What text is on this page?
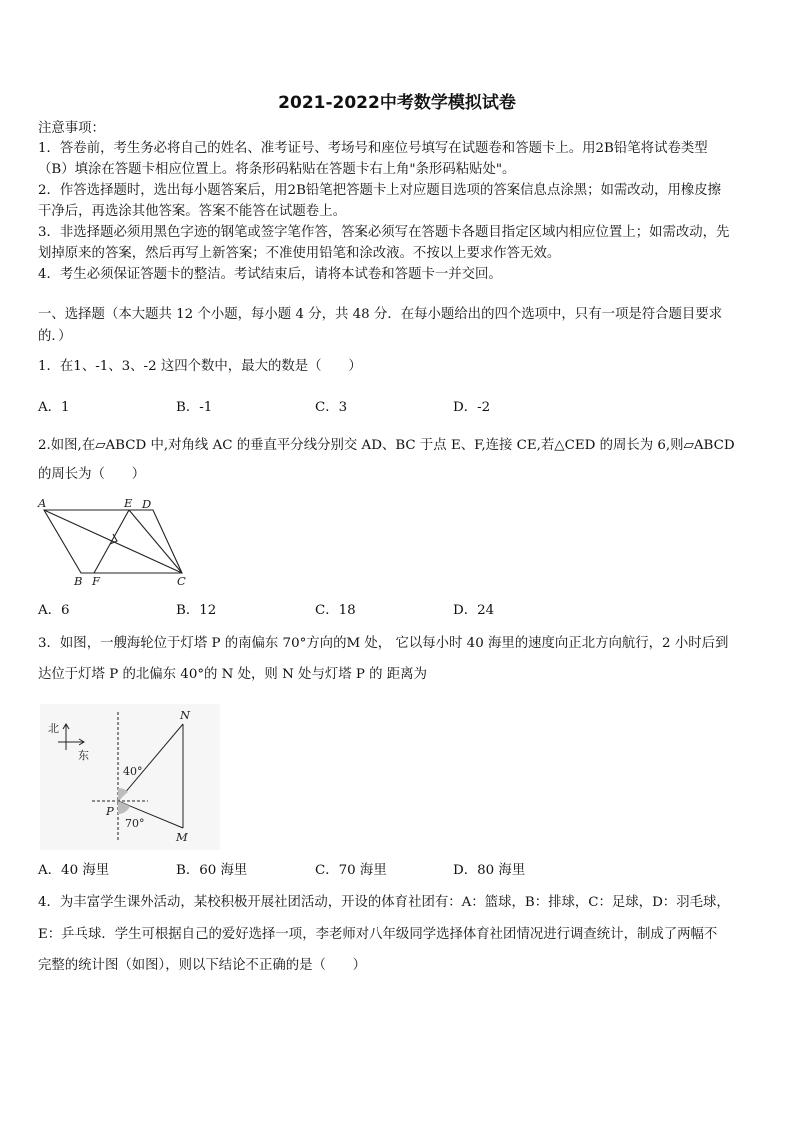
2021-2022中考数学模拟试卷
注意事项：
1．答卷前，考生务必将自己的姓名、准考证号、考场号和座位号填写在试题卷和答题卡上。用2B铅笔将试卷类型
（B）填涂在答题卡相应位置上。将条形码粘贴在答题卡右上角"条形码粘贴处"。
2．作答选择题时，选出每小题答案后，用2B铅笔把答题卡上对应题目选项的答案信息点涂黑；如需改动，用橡皮擦
干净后，再选涂其他答案。答案不能答在试题卷上。
3．非选择题必须用黑色字迹的钢笔或签字笔作答，答案必须写在答题卡各题目指定区域内相应位置上；如需改动，先
划掉原来的答案，然后再写上新答案；不准使用铅笔和涂改液。不按以上要求作答无效。
4．考生必须保证答题卡的整洁。考试结束后，请将本试卷和答题卡一并交回。
一、选择题（本大题共 12 个小题，每小题 4 分，共 48 分．在每小题给出的四个选项中，只有一项是符合题目要求
的．）
1．在1、-1、3、-2 这四个数中，最大的数是（　　）
A．1	B．-1	C．3	D．-2
2.如图,在▱ABCD 中,对角线 AC 的垂直平分线分别交 AD、BC 于点 E、F,连接 CE,若△CED 的周长为 6,则▱ABCD
的周长为（　　）
A	E D
B F	C
A．6	B．12	C．18	D．24
3．如图，一艘海轮位于灯塔 P 的南偏东 70°方向的M 处， 它以每小时 40 海里的速度向正北方向航行，2 小时后到
达位于灯塔 P 的北偏东 40°的 N 处，则 N 处与灯塔 P 的 距离为
北
东
N
P
M
40°
70°
A．40 海里	B．60 海里	C．70 海里	D．80 海里
4．为丰富学生课外活动，某校积极开展社团活动，开设的体育社团有：A：篮球，B：排球，C：足球，D：羽毛球，
E：乒乓球．学生可根据自己的爱好选择一项，李老师对八年级同学选择体育社团情况进行调查统计，制成了两幅不
完整的统计图（如图），则以下结论不正确的是（　　）
